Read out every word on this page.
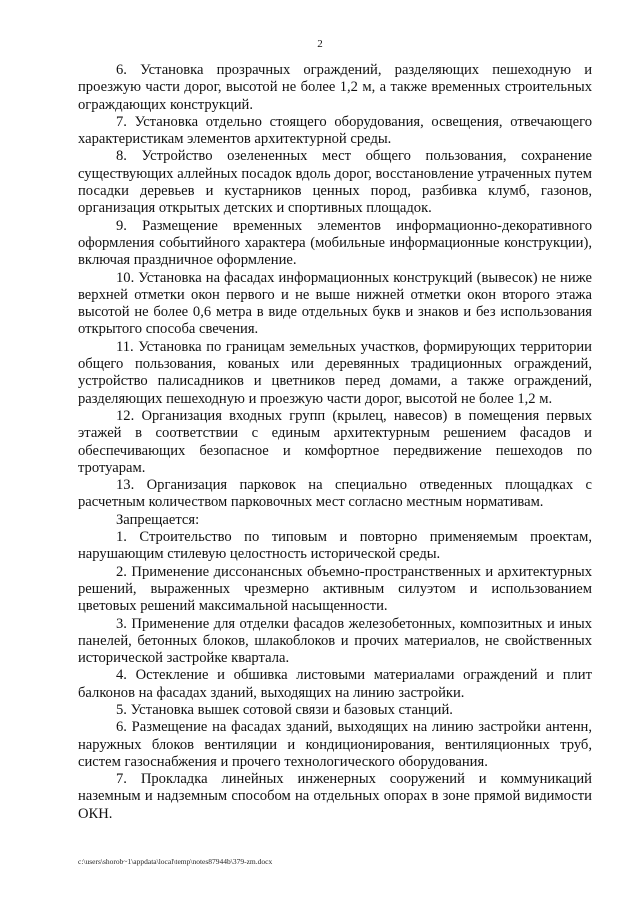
2

6. Установка прозрачных ограждений, разделяющих пешеходную и проезжую части дорог, высотой не более 1,2 м, а также временных строительных ограждающих конструкций.

7. Установка отдельно стоящего оборудования, освещения, отвечающего характеристикам элементов архитектурной среды.

8. Устройство озелененных мест общего пользования, сохранение существующих аллейных посадок вдоль дорог, восстановление утраченных путем посадки деревьев и кустарников ценных пород, разбивка клумб, газонов, организация открытых детских и спортивных площадок.

9. Размещение временных элементов информационно-декоративного оформления событийного характера (мобильные информационные конструкции), включая праздничное оформление.

10. Установка на фасадах информационных конструкций (вывесок) не ниже верхней отметки окон первого и не выше нижней отметки окон второго этажа высотой не более 0,6 метра в виде отдельных букв и знаков и без использования открытого способа свечения.

11. Установка по границам земельных участков, формирующих территории общего пользования, кованых или деревянных традиционных ограждений, устройство палисадников и цветников перед домами, а также ограждений, разделяющих пешеходную и проезжую части дорог, высотой не более 1,2 м.

12. Организация входных групп (крылец, навесов) в помещения первых этажей в соответствии с единым архитектурным решением фасадов и обеспечивающих безопасное и комфортное передвижение пешеходов по тротуарам.

13. Организация парковок на специально отведенных площадках с расчетным количеством парковочных мест согласно местным нормативам.

Запрещается:

1. Строительство по типовым и повторно применяемым проектам, нарушающим стилевую целостность исторической среды.

2. Применение диссонансных объемно-пространственных и архитектурных решений, выраженных чрезмерно активным силуэтом и использованием цветовых решений максимальной насыщенности.

3. Применение для отделки фасадов железобетонных, композитных и иных панелей, бетонных блоков, шлакоблоков и прочих материалов, не свойственных исторической застройке квартала.

4. Остекление и обшивка листовыми материалами ограждений и плит балконов на фасадах зданий, выходящих на линию застройки.

5. Установка вышек сотовой связи и базовых станций.

6. Размещение на фасадах зданий, выходящих на линию застройки антенн, наружных блоков вентиляции и кондиционирования, вентиляционных труб, систем газоснабжения и прочего технологического оборудования.

7. Прокладка линейных инженерных сооружений и коммуникаций наземным и надземным способом на отдельных опорах в зоне прямой видимости ОКН.

c:\users\shorob~1\appdata\local\temp\notes87944b\379-zm.docx
